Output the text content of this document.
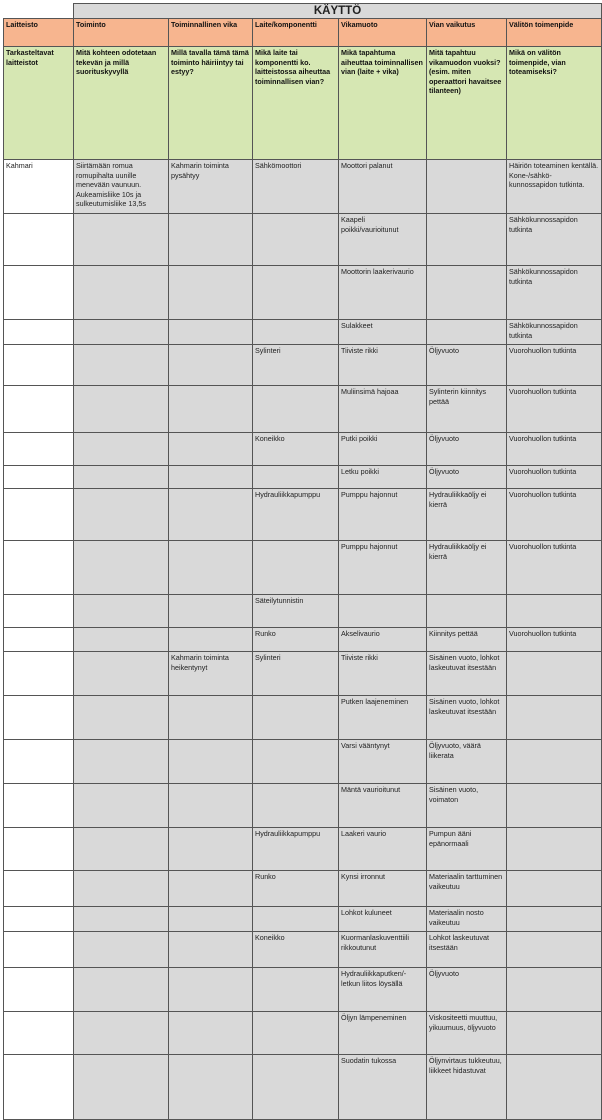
	KÄYTTÖ					
Laitteisto	Toiminto	Toiminnallinen vika	Laite/komponentti	Vikamuoto	Vian vaikutus	Välitön toimenpide
Tarkasteltavat laitteistot	Mitä kohteen odotetaan tekevän ja millä suorituskyvyllä	Millä tavalla tämä tämä toiminto häiriintyy tai estyy?	Mikä laite tai komponentti ko. laitteistossa aiheuttaa toiminnallisen vian?	Mikä tapahtuma aiheuttaa toiminnallisen vian (laite + vika)	Mitä tapahtuu vikamuodon vuoksi? (esim. miten operaattori havaitsee tilanteen)	Mikä on välitön toimenpide, vian toteamiseksi?
Kahmari	Siirtämään romua romupihalta uunille menevään vaunuun. Aukeamisliike 10s ja sulkeutumisliike 13,5s	Kahmarin toiminta pysähtyy	Sähkömoottori	Moottori palanut		Häiriön toteaminen kentällä. Kone-/sähkö-kunnossapidon tutkinta.
				Kaapeli poikki/vaurioitunut		Sähkökunnossapidon tutkinta
				Moottorin laakerivaurio		Sähkökunnossapidon tutkinta
				Sulakkeet		Sähkökunnossapidon tutkinta
			Sylinteri	Tiiviste rikki	Öljyvuoto	Vuorohuollon tutkinta
				Muliinsimä hajoaa	Sylinterin kiinnitys pettää	Vuorohuollon tutkinta
			Koneikko	Putki poikki	Öljyvuoto	Vuorohuollon tutkinta
				Letku poikki	Öljyvuoto	Vuorohuollon tutkinta
			Hydrauliikkapumppu	Pumppu hajonnut	Hydrauliikkaöljy ei kierrä	Vuorohuollon tutkinta
				Pumppu hajonnut	Hydrauliikkaöljy ei kierrä	Vuorohuollon tutkinta
			Säteilytunnistin			
			Runko	Akselivaurio	Kiinnitys pettää	Vuorohuollon tutkinta
		Kahmarin toiminta heikentynyt	Sylinteri	Tiiviste rikki	Sisäinen vuoto, lohkot laskeutuvat itsestään	
				Putken laajeneminen	Sisäinen vuoto, lohkot laskeutuvat itsestään	
				Varsi vääntynyt	Öljyvuoto, väärä liikerata	
				Mäntä vaurioitunut	Sisäinen vuoto, voimaton	
			Hydrauliikkapumppu	Laakeri vaurio	Pumpun ääni epänormaali	
			Runko	Kynsi irronnut	Materiaalin tarttuminen vaikeutuu	
				Lohkot kuluneet	Materiaalin nosto vaikeutuu	
			Koneikko	Kuormanlaskuventtiili rikkoutunut	Lohkot laskeutuvat itsestään	
				Hydrauliikkaputken/-letkun liitos löysällä	Öljyvuoto	
				Öljyn lämpeneminen	Viskositeetti muuttuu, yikuumuus, öljyvuoto	
				Suodatin tukossa	Öljynvirtaus tukkeutuu, liikkeet hidastuvat	
